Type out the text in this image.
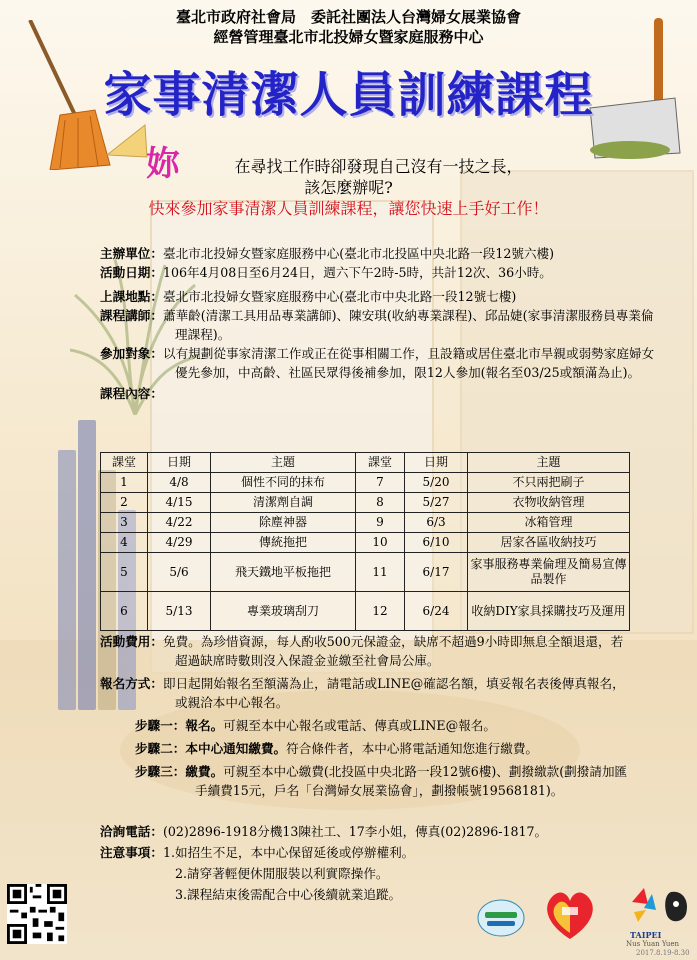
臺北市政府社會局　委託社團法人台灣婦女展業協會
經營管理臺北市北投婦女暨家庭服務中心
家事清潔人員訓練課程
妳	在尋找工作時卻發現自己沒有一技之長，
該怎麼辦呢?
快來參加家事清潔人員訓練課程，讓您快速上手好工作！
主辦單位：臺北市北投婦女暨家庭服務中心(臺北市北投區中央北路一段12號六樓)
活動日期：106年4月08日至6月24日，週六下午2時-5時，共計12次、36小時。
上課地點：臺北市北投婦女暨家庭服務中心(臺北市中央北路一段12號七樓)
課程講師：蕭華齡(清潔工具用品專業講師)、陳安琪(收納專業課程)、邱品婕(家事清潔服務員專業倫理課程)。
參加對象：以有規劃從事家清潔工作或正在從事相關工作，且設籍或居住臺北市旱親或弱勢家庭婦女優先參加，中高齡、社區民眾得後補參加，限12人參加(報名至03/25或額滿為止)。
課程內容：
課堂	日期	主題	課堂	日期	主題
1	4/8	個性不同的抹布	7	5/20	不只兩把刷子
2	4/15	清潔劑自調	8	5/27	衣物收納管理
3	4/22	除塵神器	9	6/3	冰箱管理
4	4/29	傳統拖把	10	6/10	居家各區收納技巧
5	5/6	飛天鐵地平板拖把	11	6/17	家事服務專業倫理及簡易宣傳品製作
6	5/13	專業玻璃刮刀	12	6/24	收納DIY家具採購技巧及運用
活動費用：免費。為珍惜資源，每人酌收500元保證金，缺席不超過9小時即無息全額退還，若超過缺席時數則沒入保證金並繳至社會局公庫。
報名方式：即日起開始報名至額滿為止，請電話或LINE@確認名額，填妥報名表後傳真報名，或親洽本中心報名。
步驟一：報名。可親至本中心報名或電話、傳真或LINE@報名。
步驟二：本中心通知繳費。符合條件者，本中心將電話通知您進行繳費。
步驟三：繳費。可親至本中心繳費(北投區中央北路一段12號6樓)、劃撥繳款(劃撥請加匯手續費15元，戶名「台灣婦女展業協會」，劃撥帳號19568181)。
洽詢電話：(02)2896-1918分機13陳社工、17李小姐，傳真(02)2896-1817。
注意事項：1.如招生不足，本中心保留延後或停辦權利。
2.請穿著輕便休閒服裝以利實際操作。
3.課程結束後需配合中心後續就業追蹤。
TAIPEI
Nus Yuan Yuen
2017.8.19-8.30
